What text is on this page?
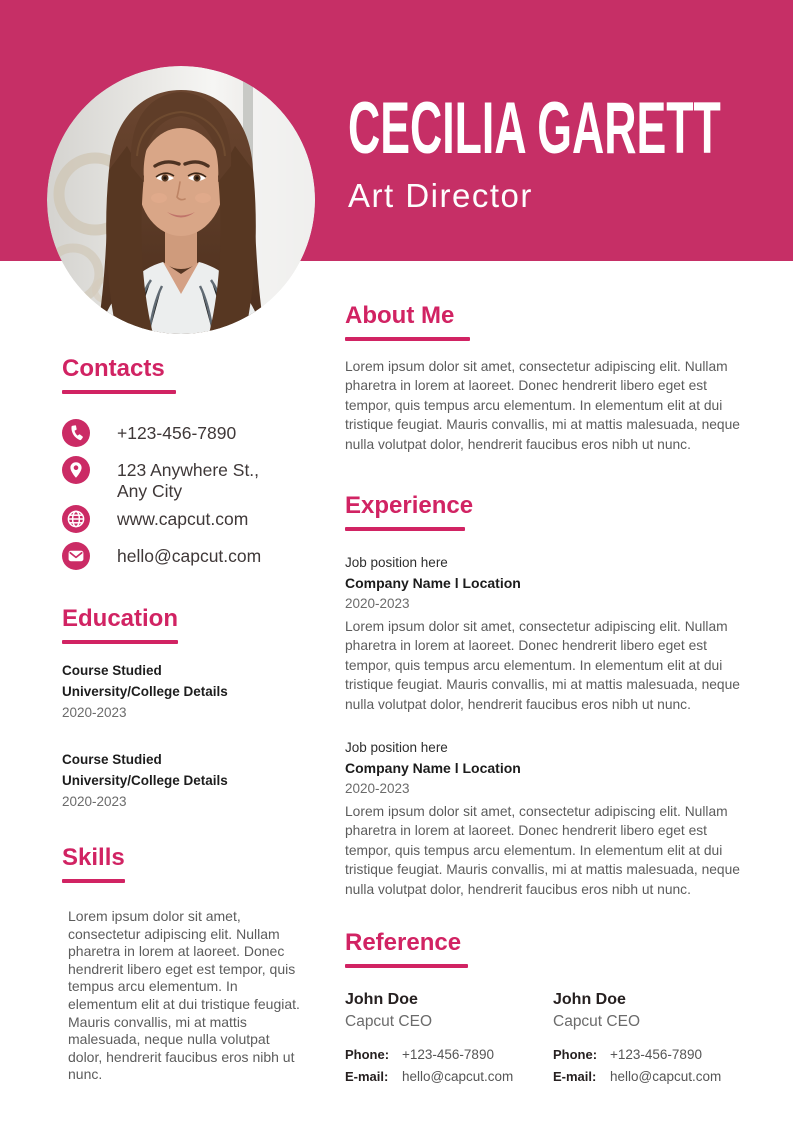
CECILIA GARETT
Art Director
Contacts
+123-456-7890
123 Anywhere St.,
Any City
www.capcut.com
hello@capcut.com
Education
Course Studied
University/College Details
2020-2023
Course Studied
University/College Details
2020-2023
Skills
Lorem ipsum dolor sit amet, consectetur adipiscing elit. Nullam pharetra in lorem at laoreet. Donec hendrerit libero eget est tempor, quis tempus arcu elementum. In elementum elit at dui tristique feugiat. Mauris convallis, mi at mattis malesuada, neque nulla volutpat dolor, hendrerit faucibus eros nibh ut nunc.
About Me
Lorem ipsum dolor sit amet, consectetur adipiscing elit. Nullam pharetra in lorem at laoreet. Donec hendrerit libero eget est tempor, quis tempus arcu elementum. In elementum elit at dui tristique feugiat. Mauris convallis, mi at mattis malesuada, neque nulla volutpat dolor, hendrerit faucibus eros nibh ut nunc.
Experience
Job position here
Company Name l Location
2020-2023
Lorem ipsum dolor sit amet, consectetur adipiscing elit. Nullam pharetra in lorem at laoreet. Donec hendrerit libero eget est tempor, quis tempus arcu elementum. In elementum elit at dui tristique feugiat. Mauris convallis, mi at mattis malesuada, neque nulla volutpat dolor, hendrerit faucibus eros nibh ut nunc.
Job position here
Company Name l Location
2020-2023
Lorem ipsum dolor sit amet, consectetur adipiscing elit. Nullam pharetra in lorem at laoreet. Donec hendrerit libero eget est tempor, quis tempus arcu elementum. In elementum elit at dui tristique feugiat. Mauris convallis, mi at mattis malesuada, neque nulla volutpat dolor, hendrerit faucibus eros nibh ut nunc.
Reference
John Doe
Capcut CEO
Phone: +123-456-7890
E-mail:	hello@capcut.com
John Doe
Capcut CEO
Phone: +123-456-7890
E-mail:	hello@capcut.com
